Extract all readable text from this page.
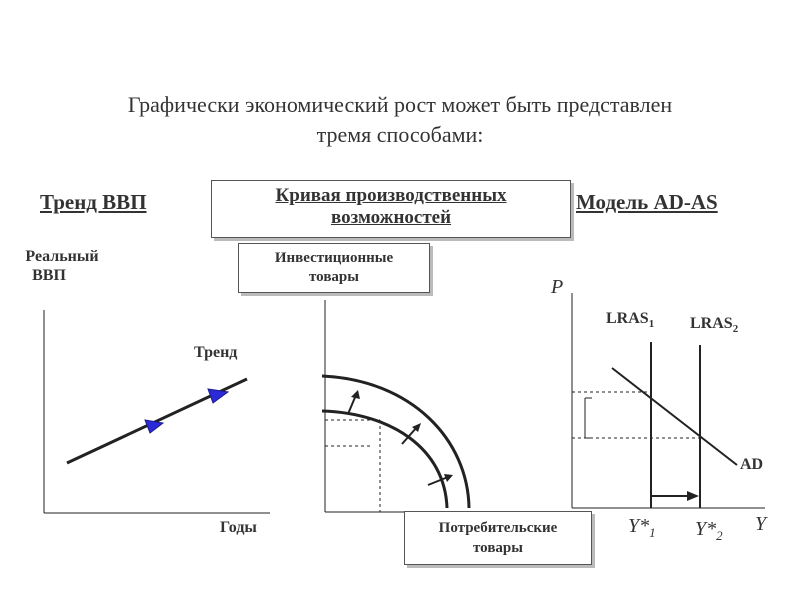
Графически экономический рост может быть представлен
тремя способами:
Тренд ВВП	Модель AD-AS
Кривая производственных
возможностей
Реальный
ВВП
Тренд
Годы
Инвестиционные
товары
Потребительские
товары
P
$LRAS_1$ $LRAS_2$
AD
$Y*_1$ $Y*_2$
Y
